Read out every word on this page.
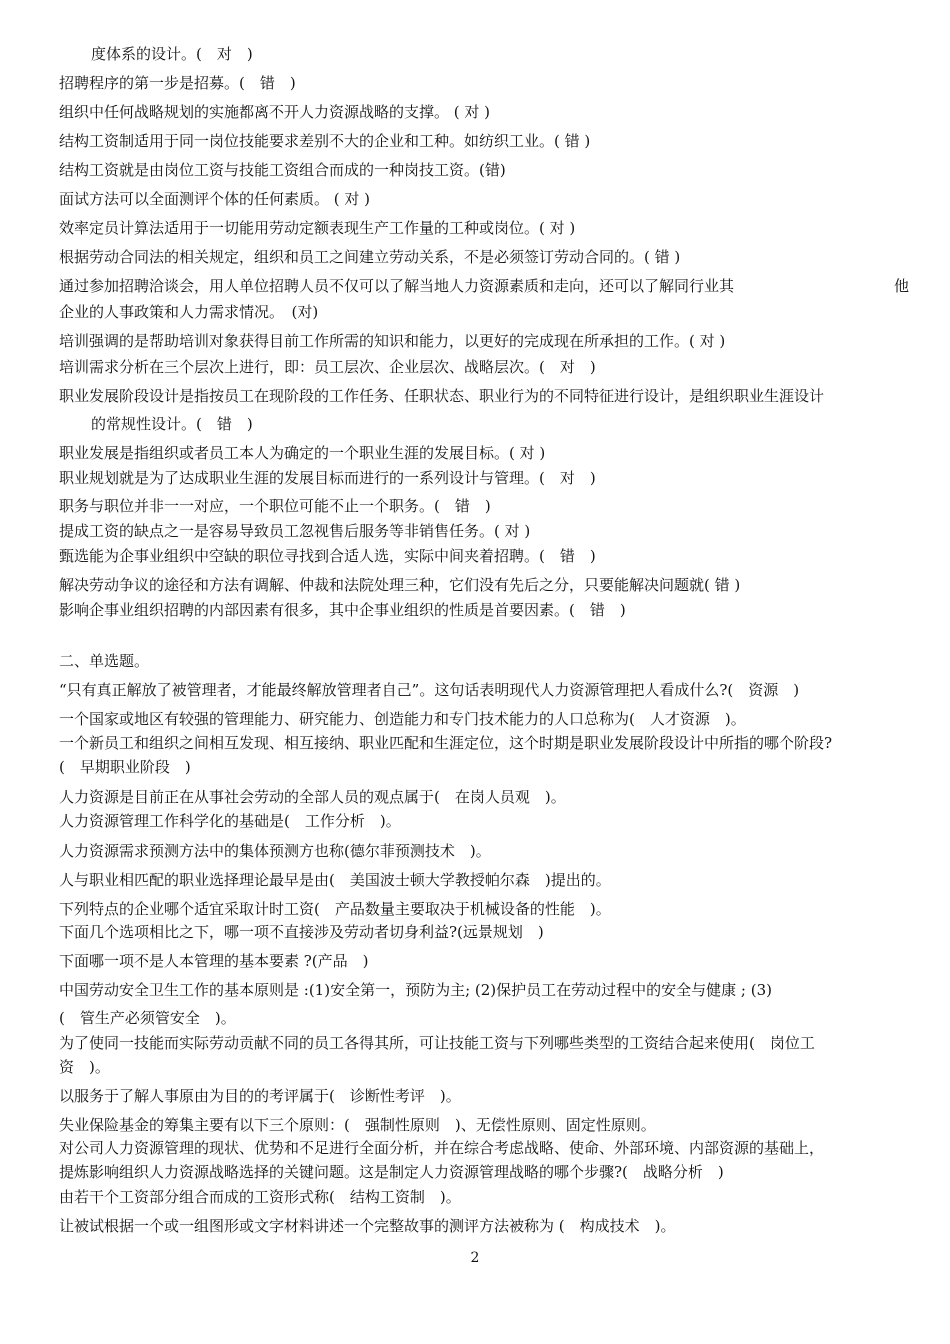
度体系的设计。(　对　)
招聘程序的第一步是招募。(　错　)
组织中任何战略规划的实施都离不开人力资源战略的支撑。 ( 对 )
结构工资制适用于同一岗位技能要求差别不大的企业和工种。如纺织工业。( 错 )
结构工资就是由岗位工资与技能工资组合而成的一种岗技工资。(错)
面试方法可以全面测评个体的任何素质。 ( 对 )
效率定员计算法适用于一切能用劳动定额表现生产工作量的工种或岗位。( 对 )
根据劳动合同法的相关规定，组织和员工之间建立劳动关系，不是必须签订劳动合同的。( 错 )
通过参加招聘洽谈会，用人单位招聘人员不仅可以了解当地人力资源素质和走向，还可以了解同行业其	他
企业的人事政策和人力需求情况。　(对)
培训强调的是帮助培训对象获得目前工作所需的知识和能力，以更好的完成现在所承担的工作。( 对 )
培训需求分析在三个层次上进行，即：员工层次、企业层次、战略层次。(　对　)
职业发展阶段设计是指按员工在现阶段的工作任务、任职状态、职业行为的不同特征进行设计，是组织职业生涯设计
的常规性设计。(　错　)
职业发展是指组织或者员工本人为确定的一个职业生涯的发展目标。( 对 )
职业规划就是为了达成职业生涯的发展目标而进行的一系列设计与管理。(　对　)
职务与职位并非一一对应，一个职位可能不止一个职务。(　错　)
提成工资的缺点之一是容易导致员工忽视售后服务等非销售任务。( 对 )
甄选能为企事业组织中空缺的职位寻找到合适人选，实际中间夹着招聘。(　错　)
解决劳动争议的途径和方法有调解、仲裁和法院处理三种，它们没有先后之分，只要能解决问题就( 错 )
影响企事业组织招聘的内部因素有很多，其中企事业组织的性质是首要因素。(　错　)
二、单选题。
“只有真正解放了被管理者，才能最终解放管理者自己”。这句话表明现代人力资源管理把人看成什么?(　资源　)
一个国家或地区有较强的管理能力、研究能力、创造能力和专门技术能力的人口总称为(　人才资源　)。
一个新员工和组织之间相互发现、相互接纳、职业匹配和生涯定位，这个时期是职业发展阶段设计中所指的哪个阶段?
(　早期职业阶段　)
人力资源是目前正在从事社会劳动的全部人员的观点属于(　在岗人员观　)。
人力资源管理工作科学化的基础是(　工作分析　)。
人力资源需求预测方法中的集体预测方也称(德尔菲预测技术　)。
人与职业相匹配的职业选择理论最早是由(　美国波士顿大学教授帕尔森　)提出的。
下列特点的企业哪个适宜采取计时工资(　产品数量主要取决于机械设备的性能　)。
下面几个选项相比之下，哪一项不直接涉及劳动者切身利益?(远景规划　)
下面哪一项不是人本管理的基本要素 ?(产品　)
中国劳动安全卫生工作的基本原则是 :(1)安全第一，预防为主; (2)保护员工在劳动过程中的安全与健康 ; (3)
(　管生产必须管安全　)。
为了使同一技能而实际劳动贡献不同的员工各得其所，可让技能工资与下列哪些类型的工资结合起来使用(　岗位工
资　)。
以服务于了解人事原由为目的的考评属于(　诊断性考评　)。
失业保险基金的筹集主要有以下三个原则：(　强制性原则　)、无偿性原则、固定性原则。
对公司人力资源管理的现状、优势和不足进行全面分析，并在综合考虑战略、使命、外部环境、内部资源的基础上，
提炼影响组织人力资源战略选择的关键问题。这是制定人力资源管理战略的哪个步骤?(　战略分析　)
由若干个工资部分组合而成的工资形式称(　结构工资制　)。
让被试根据一个或一组图形或文字材料讲述一个完整故事的测评方法被称为 (　构成技术　)。
2
